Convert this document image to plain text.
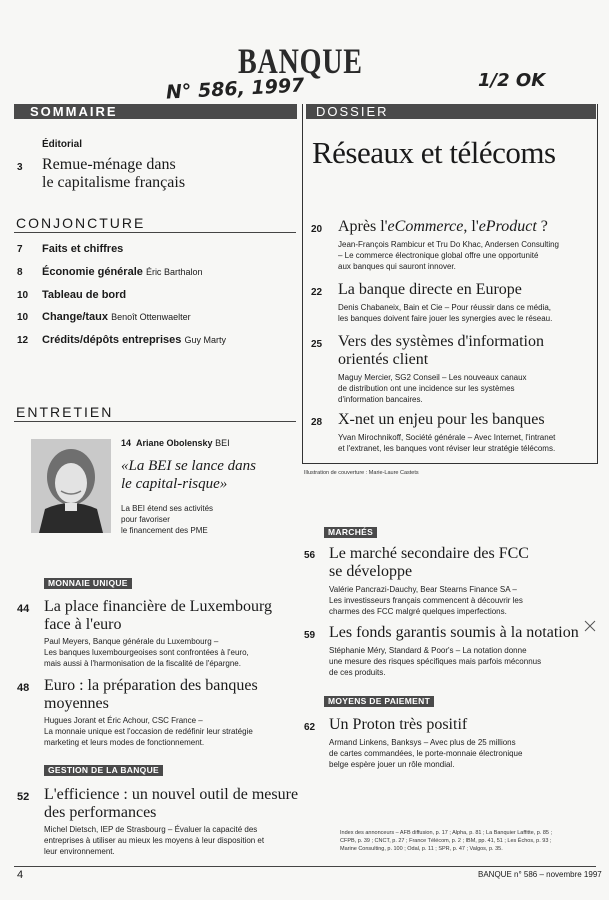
BANQUE
N° 586, 1997	1/2 OK
SOMMAIRE	DOSSIER
Éditorial
3 Remue-ménage dans
le capitalisme français
CONJONCTURE
7 Faits et chiffres
8 Économie générale Éric Barthalon
10 Tableau de bord
10 Change/taux Benoît Ottenwaelter
12 Crédits/dépôts entreprises Guy Marty
ENTRETIEN
14 Ariane Obolensky BEI
«La BEI se lance dans
le capital-risque»
La BEI étend ses activités
pour favoriser
le financement des PME
MONNAIE UNIQUE
44 La place financière de Luxembourg
face à l'euro
Paul Meyers, Banque générale du Luxembourg –
Les banques luxembourgeoises sont confrontées à l'euro,
mais aussi à l'harmonisation de la fiscalité de l'épargne.
48 Euro : la préparation des banques
moyennes
Hugues Jorant et Éric Achour, CSC France –
La monnaie unique est l'occasion de redéfinir leur stratégie
marketing et leurs modes de fonctionnement.
GESTION DE LA BANQUE
52 L'efficience : un nouvel outil de mesure
des performances
Michel Dietsch, IEP de Strasbourg – Évaluer la capacité des
entreprises à utiliser au mieux les moyens à leur disposition et
leur environnement.
Réseaux et télécoms
20 Après l'eCommerce, l'eProduct ?
Jean-François Rambicur et Tru Do Khac, Andersen Consulting
– Le commerce électronique global offre une opportunité
aux banques qui sauront innover.
22 La banque directe en Europe
Denis Chabaneix, Bain et Cie – Pour réussir dans ce média,
les banques doivent faire jouer les synergies avec le réseau.
25 Vers des systèmes d'information
orientés client
Maguy Mercier, SG2 Conseil – Les nouveaux canaux
de distribution ont une incidence sur les systèmes
d'information bancaires.
28 X-net un enjeu pour les banques
Yvan Mirochnikoff, Société générale – Avec Internet, l'intranet
et l'extranet, les banques vont réviser leur stratégie télécoms.
Illustration de couverture : Marie-Laure Castets
MARCHÉS
56 Le marché secondaire des FCC
se développe
Valérie Pancrazi-Dauchy, Bear Stearns Finance SA –
Les investisseurs français commencent à découvrir les
charmes des FCC malgré quelques imperfections.
59 Les fonds garantis soumis à la notation
Stéphanie Méry, Standard & Poor's – La notation donne
une mesure des risques spécifiques mais parfois méconnus
de ces produits.
MOYENS DE PAIEMENT
62 Un Proton très positif
Armand Linkens, Banksys – Avec plus de 25 millions
de cartes commandées, le porte-monnaie électronique
belge espère jouer un rôle mondial.
Index des annonceurs – AFB diffusion, p. 17 ; Alpha, p. 81 ; La Banquier Laffitte, p. 85 ;
CFPB, p. 39 ; CNCT, p. 27 ; France Télécom, p. 2 ; IBM, pp. 41, 51 ; Les Échos, p. 93 ;
Marine Consulting, p. 100 ; Odal, p. 11 ; SPR, p. 47 ; Valgos, p. 35.
4	BANQUE n° 586 – novembre 1997
